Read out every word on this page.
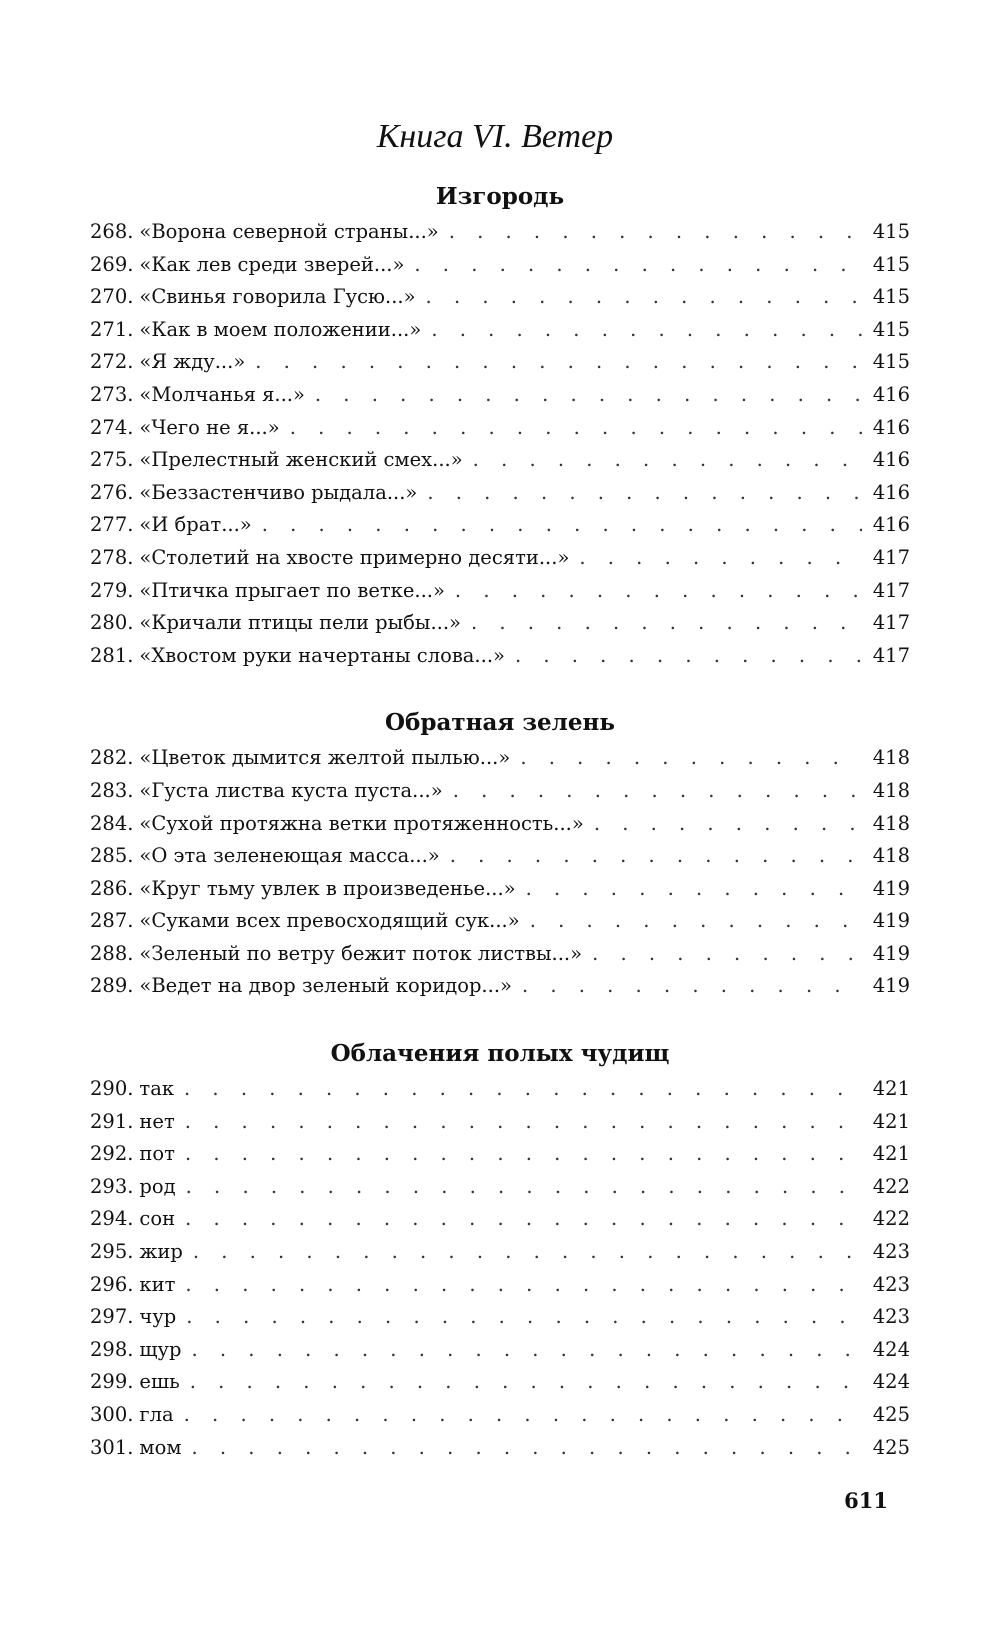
Книга VI. Ветер
Изгородь
268. «Ворона северной страны...» . . .	415
269. «Как лев среди зверей...» . . .	415
270. «Свинья говорила Гусю...» . . .	415
271. «Как в моем положении...» . . .	415
272. «Я жду...» . . .	415
273. «Молчанья я...» . . .	416
274. «Чего не я...» . . .	416
275. «Прелестный женский смех...» . . .	416
276. «Беззастенчиво рыдала...» . . .	416
277. «И брат...» . . .	416
278. «Столетий на хвосте примерно десяти...» . . .	417
279. «Птичка прыгает по ветке...» . . .	417
280. «Кричали птицы пели рыбы...» . . .	417
281. «Хвостом руки начертаны слова...» . . .	417
Обратная зелень
282. «Цветок дымится желтой пылью...» . . .	418
283. «Густа листва куста пуста...» . . .	418
284. «Сухой протяжна ветки протяженность...» . . .	418
285. «О эта зеленеющая масса...» . . .	418
286. «Круг тьму увлек в произведенье...» . . .	419
287. «Суками всех превосходящий сук...» . . .	419
288. «Зеленый по ветру бежит поток листвы...» . . .	419
289. «Ведет на двор зеленый коридор...» . . .	419
Облачения полых чудищ
290. так . . .	421
291. нет . . .	421
292. пот . . .	421
293. род . . .	422
294. сон . . .	422
295. жир . . .	423
296. кит . . .	423
297. чур . . .	423
298. щур . . .	424
299. ешь . . .	424
300. гла . . .	425
301. мом . . .	425
611
